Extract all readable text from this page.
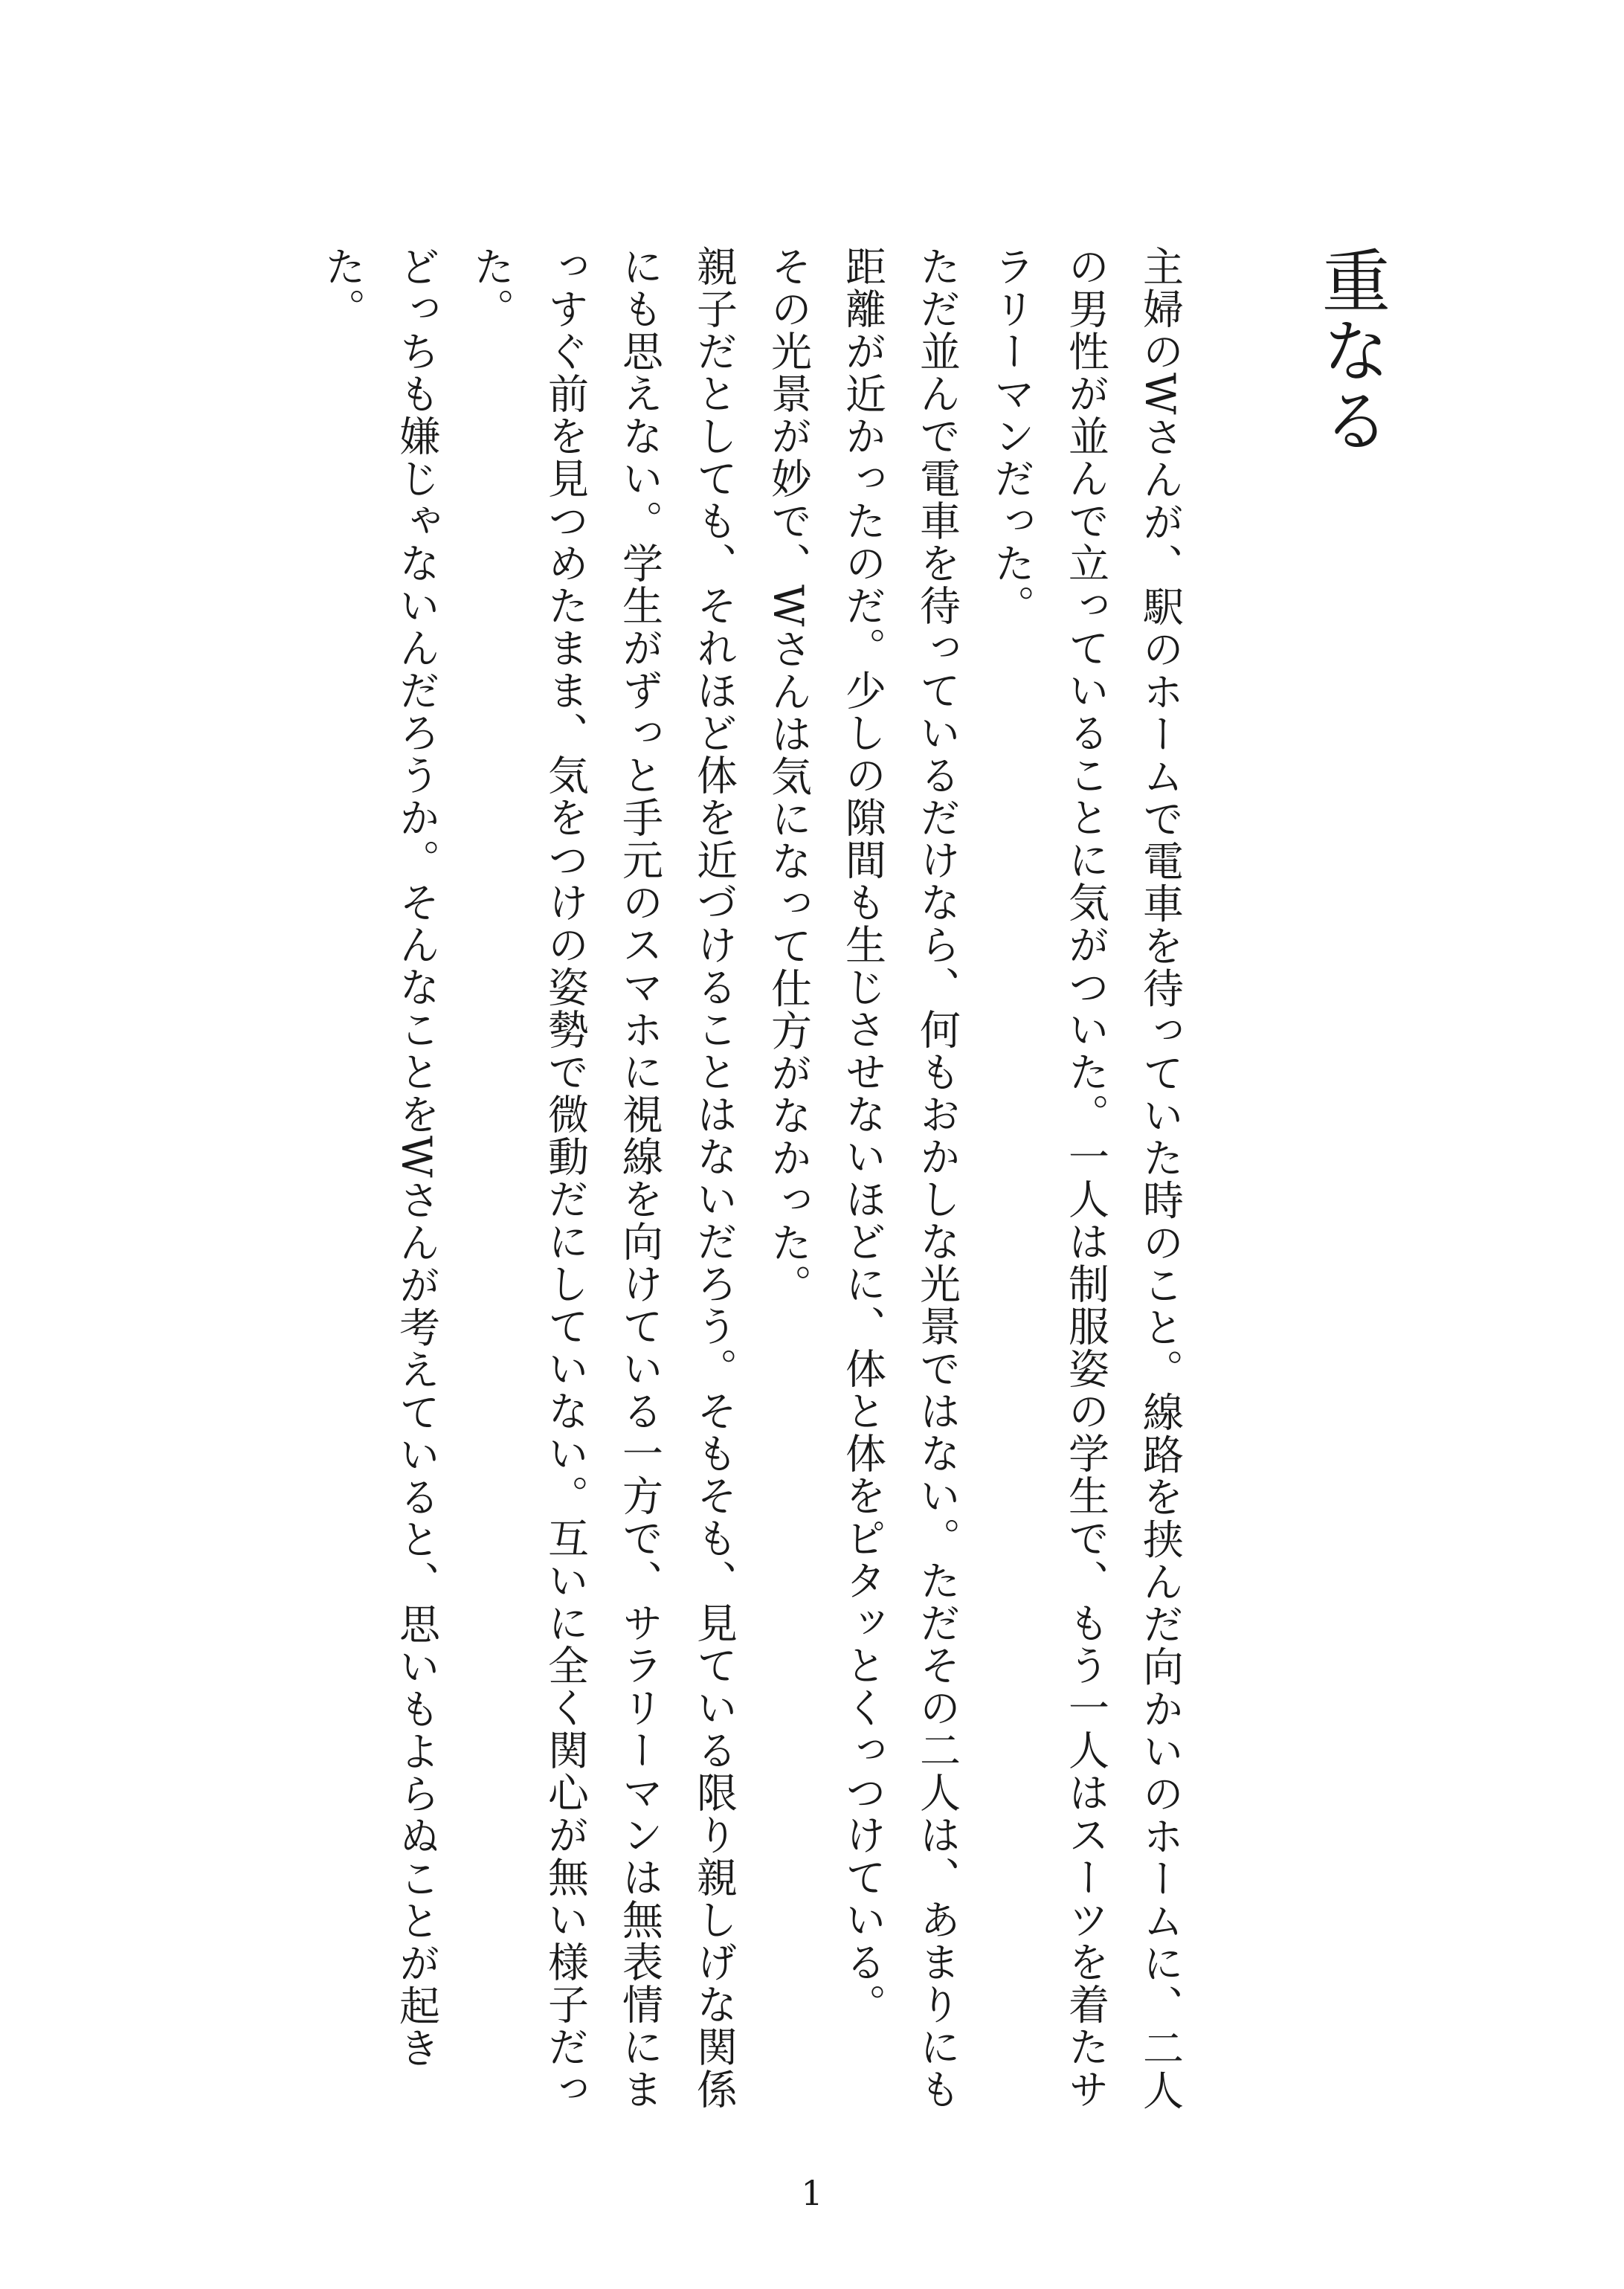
重なる

主婦のWさんが、駅のホームで電車を待っていた時のこと。線路を挟んだ向かいのホームに、二人の男性が並んで立っていることに気がついた。一人は制服姿の学生で、もう一人はスーツを着たサラリーマンだった。

ただ並んで電車を待っているだけなら、何もおかしな光景ではない。ただその二人は、あまりにも距離が近かったのだ。少しの隙間も生じさせないほどに、体と体をピタッとくっつけている。

その光景が妙で、Wさんは気になって仕方がなかった。

親子だとしても、それほど体を近づけることはないだろう。そもそも、見ている限り親しげな関係にも思えない。学生がずっと手元のスマホに視線を向けている一方で、サラリーマンは無表情にまっすぐ前を見つめたまま、気をつけの姿勢で微動だにしていない。互いに全く関心が無い様子だった。

どっちも嫌じゃないんだろうか。そんなことをWさんが考えていると、思いもよらぬことが起きた。

1
